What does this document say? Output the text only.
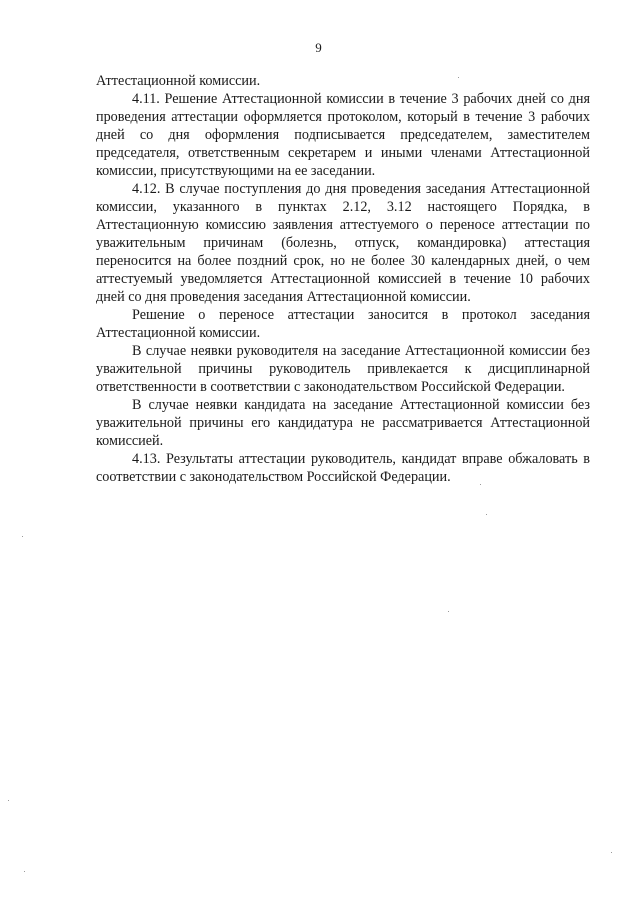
9

Аттестационной комиссии.

4.11. Решение Аттестационной комиссии в течение 3 рабочих дней со дня проведения аттестации оформляется протоколом, который в течение 3 рабочих дней со дня оформления подписывается председателем, заместителем председателя, ответственным секретарем и иными членами Аттестационной комиссии, присутствующими на ее заседании.

4.12. В случае поступления до дня проведения заседания Аттестационной комиссии, указанного в пунктах 2.12, 3.12 настоящего Порядка, в Аттестационную комиссию заявления аттестуемого о переносе аттестации по уважительным причинам (болезнь, отпуск, командировка) аттестация переносится на более поздний срок, но не более 30 календарных дней, о чем аттестуемый уведомляется Аттестационной комиссией в течение 10 рабочих дней со дня проведения заседания Аттестационной комиссии.

Решение о переносе аттестации заносится в протокол заседания Аттестационной комиссии.

В случае неявки руководителя на заседание Аттестационной комиссии без уважительной причины руководитель привлекается к дисциплинарной ответственности в соответствии с законодательством Российской Федерации.

В случае неявки кандидата на заседание Аттестационной комиссии без уважительной причины его кандидатура не рассматривается Аттестационной комиссией.

4.13. Результаты аттестации руководитель, кандидат вправе обжаловать в соответствии с законодательством Российской Федерации.
